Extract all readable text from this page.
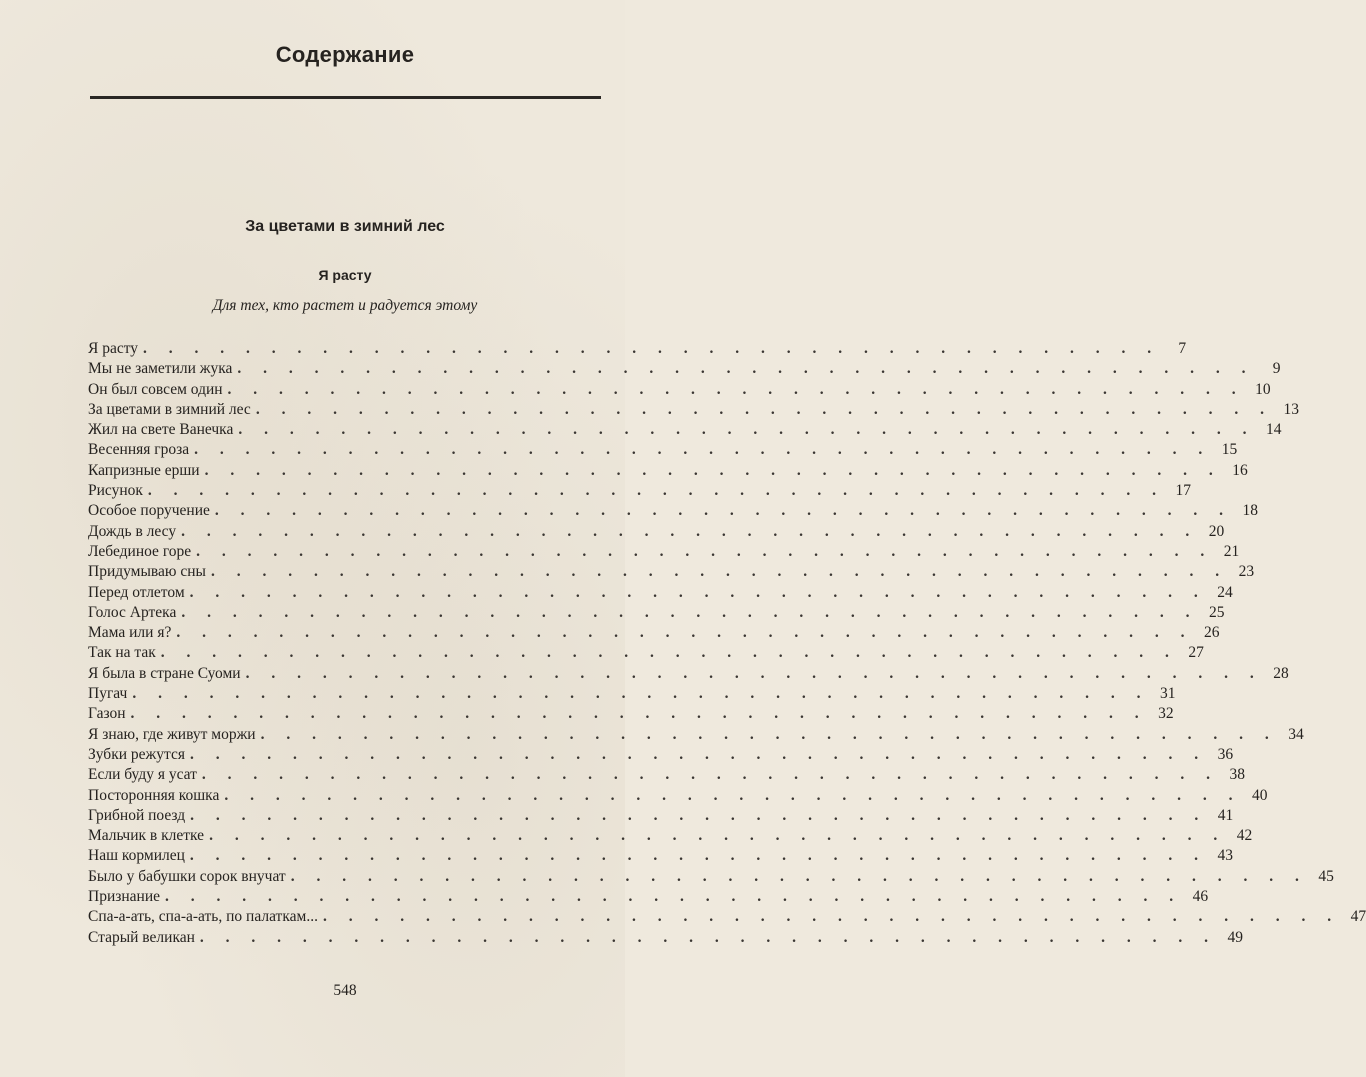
Содержание
За цветами в зимний лес
Я расту
Для тех, кто растет и радуется этому
Я расту . . . . . . . . . . . . . . . . . . . . . . . . . . . . . . . . . . . . . . . .	7
Мы не заметили жука . . . . . . . . . . . . . . . . . . . . . . . . . . . . . . . . . . . . . . . .	9
Он был совсем один . . . . . . . . . . . . . . . . . . . . . . . . . . . . . . . . . . . . . . . . 10
За цветами в зимний лес . . . . . . . . . . . . . . . . . . . . . . . . . . . . . . . . . . . . . . . . 13
Жил на свете Ванечка . . . . . . . . . . . . . . . . . . . . . . . . . . . . . . . . . . . . . . . . 14
Весенняя гроза . . . . . . . . . . . . . . . . . . . . . . . . . . . . . . . . . . . . . . . . 15
Капризные ерши . . . . . . . . . . . . . . . . . . . . . . . . . . . . . . . . . . . . . . . . 16
Рисунок . . . . . . . . . . . . . . . . . . . . . . . . . . . . . . . . . . . . . . . . 17
Особое поручение . . . . . . . . . . . . . . . . . . . . . . . . . . . . . . . . . . . . . . . . 18
Дождь в лесу . . . . . . . . . . . . . . . . . . . . . . . . . . . . . . . . . . . . . . . . 20
Лебединое горе . . . . . . . . . . . . . . . . . . . . . . . . . . . . . . . . . . . . . . . . 21
Придумываю сны . . . . . . . . . . . . . . . . . . . . . . . . . . . . . . . . . . . . . . . . 23
Перед отлетом . . . . . . . . . . . . . . . . . . . . . . . . . . . . . . . . . . . . . . . . 24
Голос Артека . . . . . . . . . . . . . . . . . . . . . . . . . . . . . . . . . . . . . . . . 25
Мама или я? . . . . . . . . . . . . . . . . . . . . . . . . . . . . . . . . . . . . . . . . 26
Так на так . . . . . . . . . . . . . . . . . . . . . . . . . . . . . . . . . . . . . . . . 27
Я была в стране Суоми . . . . . . . . . . . . . . . . . . . . . . . . . . . . . . . . . . . . . . . . 28
Пугач . . . . . . . . . . . . . . . . . . . . . . . . . . . . . . . . . . . . . . . . 31
Газон . . . . . . . . . . . . . . . . . . . . . . . . . . . . . . . . . . . . . . . . 32
Я знаю, где живут моржи . . . . . . . . . . . . . . . . . . . . . . . . . . . . . . . . . . . . . . . . 34
Зубки режутся . . . . . . . . . . . . . . . . . . . . . . . . . . . . . . . . . . . . . . . . 36
Если буду я усат . . . . . . . . . . . . . . . . . . . . . . . . . . . . . . . . . . . . . . . . 38
Посторонняя кошка . . . . . . . . . . . . . . . . . . . . . . . . . . . . . . . . . . . . . . . . 40
Грибной поезд . . . . . . . . . . . . . . . . . . . . . . . . . . . . . . . . . . . . . . . . 41
Мальчик в клетке . . . . . . . . . . . . . . . . . . . . . . . . . . . . . . . . . . . . . . . . 42
Наш кормилец . . . . . . . . . . . . . . . . . . . . . . . . . . . . . . . . . . . . . . . . 43
Было у бабушки сорок внучат . . . . . . . . . . . . . . . . . . . . . . . . . . . . . . . . . . . . . . . . 45
Признание . . . . . . . . . . . . . . . . . . . . . . . . . . . . . . . . . . . . . . . . 46
Спа-а-ать, спа-а-ать, по палаткам... . . . . . . . . . . . . . . . . . . . . . . . . . . . . . . . . . . . . . . . . 47
Старый великан . . . . . . . . . . . . . . . . . . . . . . . . . . . . . . . . . . . . . . . . 49
548
